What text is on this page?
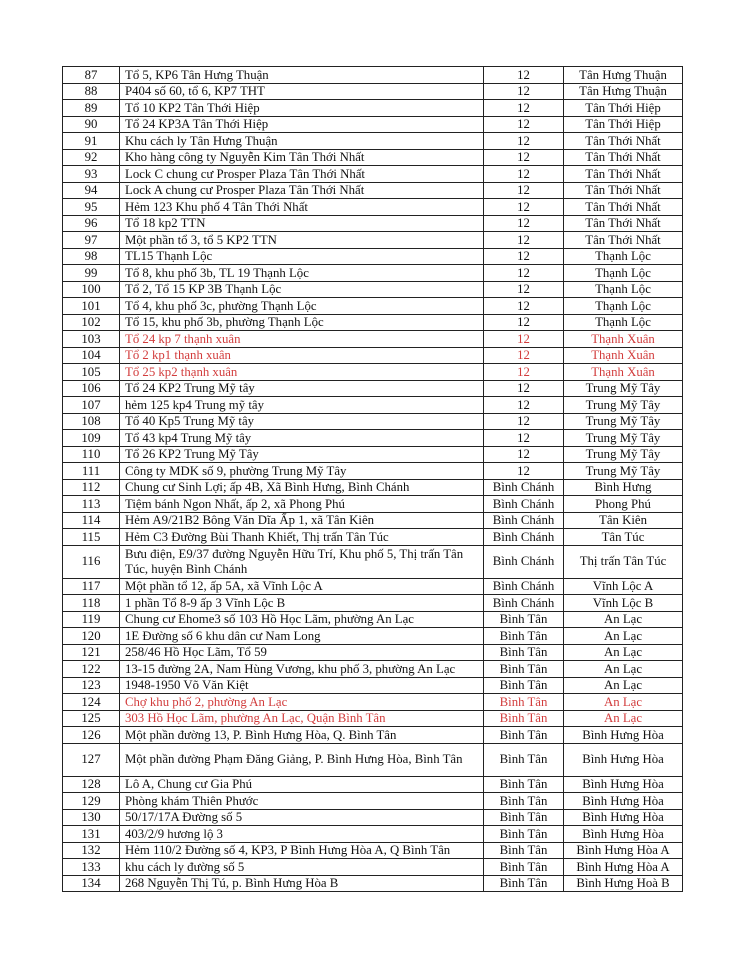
87	Tổ 5, KP6 Tân Hưng Thuận	12	Tân Hưng Thuận
88	P404 số 60, tổ 6, KP7 THT	12	Tân Hưng Thuận
89	Tổ 10 KP2 Tân Thới Hiệp	12	Tân Thới Hiệp
90	Tổ 24 KP3A Tân Thới Hiệp	12	Tân Thới Hiệp
91	Khu cách ly Tân Hưng Thuận	12	Tân Thới Nhất
92	Kho hàng công ty Nguyễn Kim Tân Thới Nhất	12	Tân Thới Nhất
93	Lock C chung cư Prosper Plaza Tân Thới Nhất	12	Tân Thới Nhất
94	Lock A chung cư Prosper Plaza Tân Thới Nhất	12	Tân Thới Nhất
95	Hẻm 123 Khu phố 4 Tân Thới Nhất	12	Tân Thới Nhất
96	Tổ 18 kp2 TTN	12	Tân Thới Nhất
97	Một phần tổ 3, tổ 5 KP2 TTN	12	Tân Thới Nhất
98	TL15 Thạnh Lộc	12	Thạnh Lộc
99	Tổ 8, khu phố 3b, TL 19 Thạnh Lộc	12	Thạnh Lộc
100	Tổ 2, Tổ 15 KP 3B Thạnh Lộc	12	Thạnh Lộc
101	Tổ 4, khu phố 3c, phường Thạnh Lộc	12	Thạnh Lộc
102	Tổ 15, khu phố 3b, phường Thạnh Lộc	12	Thạnh Lộc
103	Tổ 24 kp 7 thạnh xuân	12	Thạnh Xuân
104	Tổ 2 kp1 thạnh xuân	12	Thạnh Xuân
105	Tổ 25 kp2 thạnh xuân	12	Thạnh Xuân
106	Tổ 24 KP2 Trung Mỹ tây	12	Trung Mỹ Tây
107	hẻm 125 kp4 Trung mỹ tây	12	Trung Mỹ Tây
108	Tổ 40 Kp5 Trung Mỹ tây	12	Trung Mỹ Tây
109	Tổ 43 kp4 Trung Mỹ tây	12	Trung Mỹ Tây
110	Tổ 26 KP2 Trung Mỹ Tây	12	Trung Mỹ Tây
111	Công ty MDK số 9, phường Trung Mỹ Tây	12	Trung Mỹ Tây
112	Chung cư Sinh Lợi; ấp 4B, Xã Bình Hưng, Bình Chánh	Bình Chánh	Bình Hưng
113	Tiệm bánh Ngon Nhất, ấp 2, xã Phong Phú	Bình Chánh	Phong Phú
114	Hẻm A9/21B2 Bông Văn Dĩa Ấp 1, xã Tân Kiên	Bình Chánh	Tân Kiên
115	Hẻm C3 Đường Bùi Thanh Khiết, Thị trấn Tân Túc	Bình Chánh	Tân Túc
116	Bưu điện, E9/37 đường Nguyễn Hữu Trí, Khu phố 5, Thị trấn Tân Túc, huyện Bình Chánh	Bình Chánh	Thị trấn Tân Túc
117	Một phần tổ 12, ấp 5A, xã Vĩnh Lộc A	Bình Chánh	Vĩnh Lộc A
118	1 phần Tổ 8-9 ấp 3 Vĩnh Lộc B	Bình Chánh	Vĩnh Lộc B
119	Chung cư Ehome3 số 103 Hồ Học Lãm, phường An Lạc	Bình Tân	An Lạc
120	1E Đường số 6 khu dân cư Nam Long	Bình Tân	An Lạc
121	258/46 Hồ Học Lãm, Tổ 59	Bình Tân	An Lạc
122	13-15 đường 2A, Nam Hùng Vương, khu phố 3, phường An Lạc	Bình Tân	An Lạc
123	1948-1950 Võ Văn Kiệt	Bình Tân	An Lạc
124	Chợ khu phố 2, phường An Lạc	Bình Tân	An Lạc
125	303 Hồ Học Lãm, phường An Lạc, Quận Bình Tân	Bình Tân	An Lạc
126	Một phần đường 13, P. Bình Hưng Hòa, Q. Bình Tân	Bình Tân	Bình Hưng Hòa
127	Một phần đường Phạm Đăng Giảng, P. Bình Hưng Hòa, Bình Tân	Bình Tân	Bình Hưng Hòa
128	Lô A, Chung cư Gia Phú	Bình Tân	Bình Hưng Hòa
129	Phòng khám Thiên Phước	Bình Tân	Bình Hưng Hòa
130	50/17/17A Đường số 5	Bình Tân	Bình Hưng Hòa
131	403/2/9 hương lộ 3	Bình Tân	Bình Hưng Hòa
132	Hẻm 110/2 Đường số 4, KP3, P Bình Hưng Hòa A, Q Bình Tân	Bình Tân	Bình Hưng Hòa A
133	khu cách ly đường số 5	Bình Tân	Bình Hưng Hòa A
134	268 Nguyễn Thị Tú, p. Bình Hưng Hòa B	Bình Tân	Bình Hưng Hoà B
